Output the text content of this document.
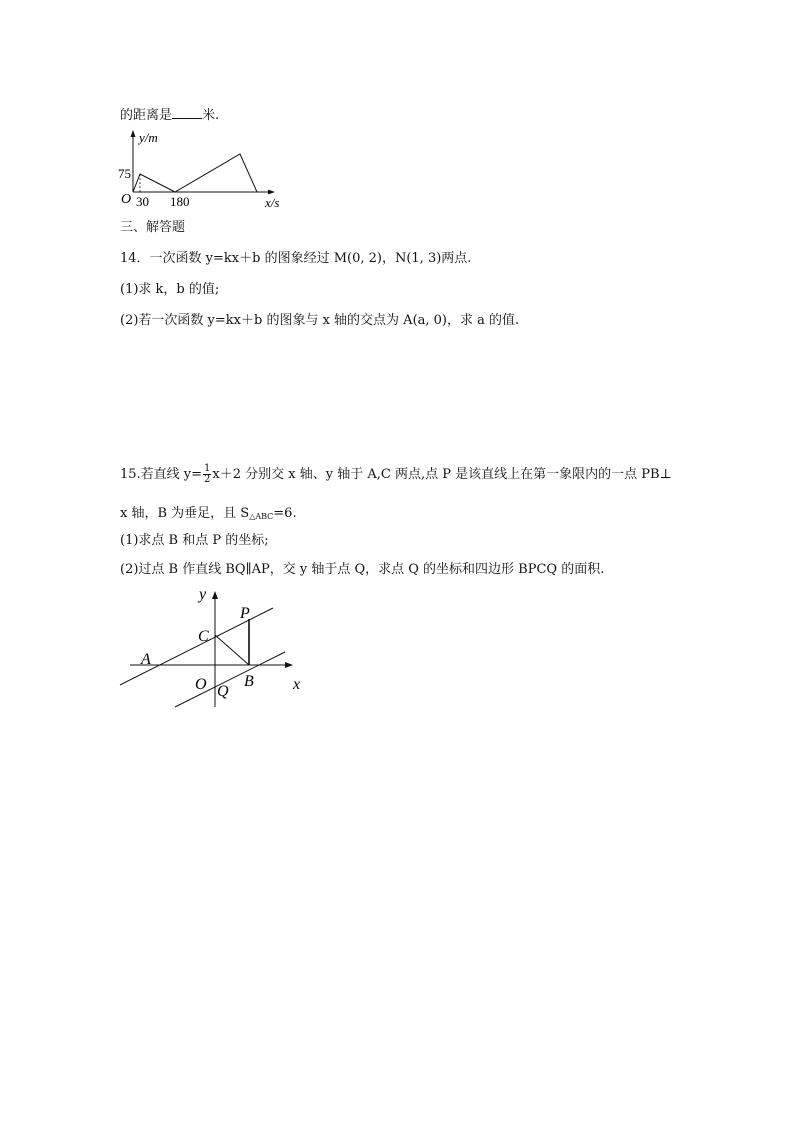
的距离是 米.
y/m
75
O 30 180	x/s
三、解答题
14．一次函数 y=kx＋b 的图象经过 M(0, 2)，N(1, 3)两点.
(1)求 k，b 的值;
(2)若一次函数 y=kx＋b 的图象与 x 轴的交点为 A(a, 0)，求 a 的值.
15.若直线 $y= \frac{1}{2} x+2$ 分别交 x 轴、y 轴于 A,C 两点,点 P 是该直线上在第一象限内的一点 PB⊥
x 轴，B 为垂足，且 $S_{\triangle ABC}=6$.
(1)求点 B 和点 P 的坐标;
(2)过点 B 作直线 BQ∥AP，交 y 轴于点 Q，求点 Q 的坐标和四边形 BPCQ 的面积.
y
P
C
A
O B
Q	x
